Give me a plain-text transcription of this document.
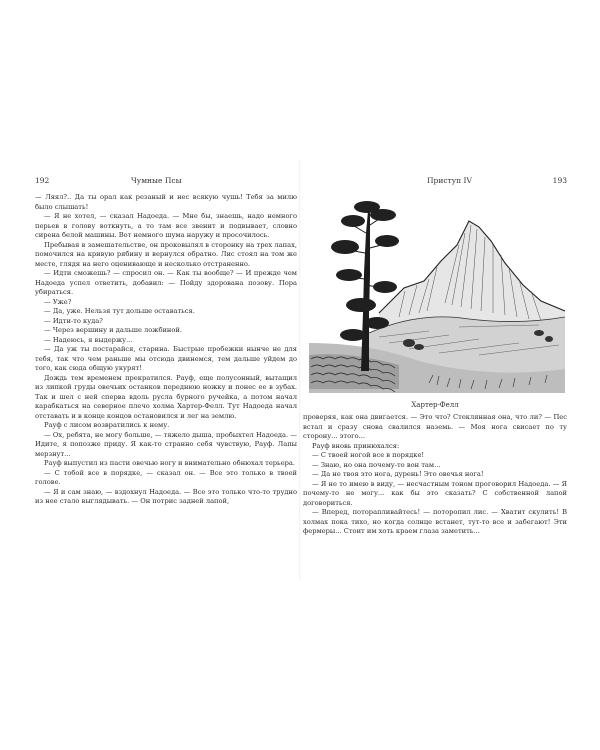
192	Чумные Псы

— Ляял?.. Да ты орал как резаный и нес всякую чушь! Тебя за милю было слышать!

— Я не хотел, — сказал Надоеда. — Мне бы, знаешь, надо немного перьев в голову воткнуть, а то там все звенит и подвывает, словно сирена белой машины. Вот немного шума наружу и просочилось.

Пребывая в замешательстве, он проковылял в сторонку на трех лапах, помочился на кривую рябину и вернулся обратно. Лис стоял на том же месте, глядя на него оценивающе и несколько отстраненно.

— Идти сможешь? — спросил он. — Как ты вообще? — И прежде чем Надоеда успел ответить, добавил: — Пойду здорована позову. Пора убираться.

— Уже?

— Да, уже. Нельзя тут дольше оставаться.

— Идти-то куда?

— Через вершину и дальше ложбиной.

— Надеюсь, я выдержу...

— Да уж ты постарайся, старина. Быстрые пробежки нынче не для тебя, так что чем раньше мы отсюда двинемся, тем дальше уйдем до того, как сюда общую укурят!

Дождь тем временем прекратился. Рауф, еще полусонный, вытащил из липкой груды овечьих останков переднюю ножку и понес ее в зубах. Так и шел с ней сперва вдоль русла бурного ручейка, а потом начал карабкаться на северное плечо холма Хартер-Фелл. Тут Надоеда начал отставать и в конце концов остановился и лег на землю.

Рауф с лисом возвратились к нему.

— Ох, ребята, не могу больше, — тяжело дыша, пробыхтел Надоеда. — Идите, я попозже приду. Я как-то странно себя чувствую, Рауф. Лапы мерзнут...

Рауф выпустил из пасти овечью ногу и внимательно обнюхал терьера.

— С тобой все в порядке, — сказал он. — Все это только в твоей голове.

— Я и сам знаю, — вздохнул Надоеда. — Все это только что-то трудно из нее стало выглядывать. — Он потрис задней лапой,

Приступ IV	193
Хартер-Фелл

проверяя, как она двигается. — Это что? Стеклянная она, что ли? — Пес встал и сразу снова свалился наземь. — Моя нога свисает по ту сторону... этого...

Рауф вновь принюхался:

— С твоей ногой все в порядке!

— Знаю, но она почему-то вон там...

— Да не твоя это нога, дурень! Это овечья нога!

— Я не то имею в виду, — несчастным тоном проговорил Надоеда. — Я почему-то не могу... как бы это сказать? С собственной лапой договориться.

— Вперед, поторапливайтесь! — поторопил лис. — Хватит скулить! В холмах пока тихо, но когда солнце встанет, тут-то все и забегают! Эти фермеры... Стоит им хоть краем глаза заметить...
